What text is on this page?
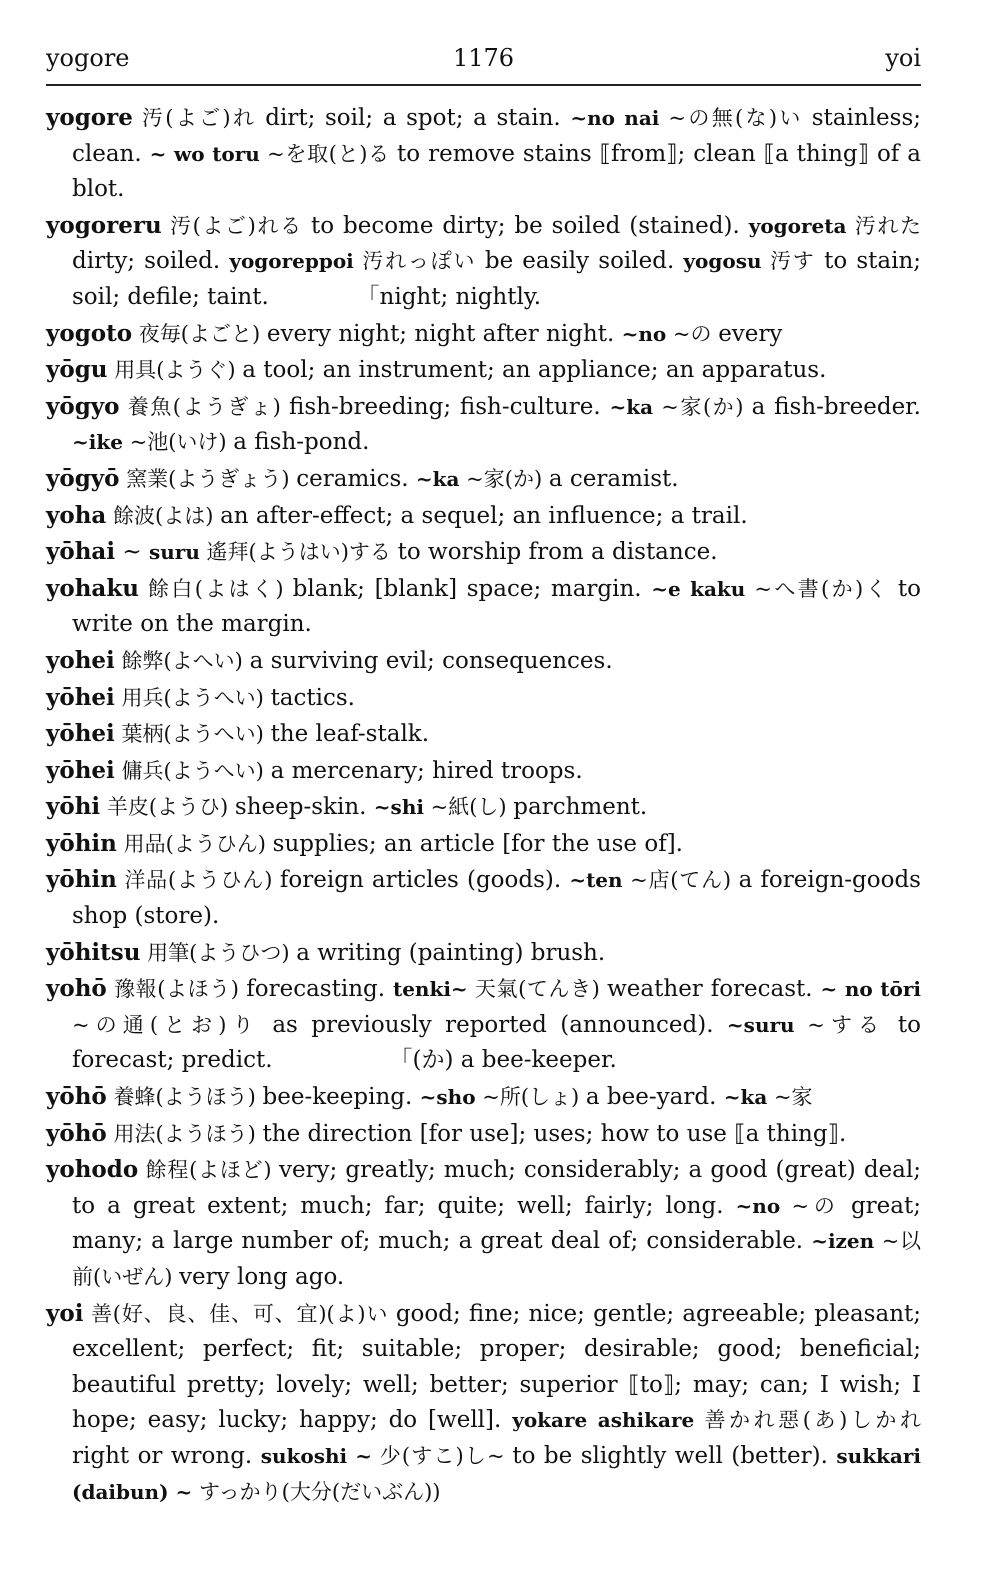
yogore	1176	yoi
yogore 汚(よご)れ dirt; soil; a spot; a stain. ~no nai ~の無(な)い stainless; clean. ~ wo toru ~を取(と)る to remove stains ⟦from⟧; clean ⟦a thing⟧ of a blot.
yogoreru 汚(よご)れる to become dirty; be soiled (stained). yogoreta 汚れた dirty; soiled. yogoreppoi 汚れっぽい be easily soiled. yogosu 汚す to stain; soil; defile; taint.            「night; nightly.
yogoto 夜毎(よごと) every night; night after night. ~no ~の every
yōgu 用具(ようぐ) a tool; an instrument; an appliance; an apparatus.
yōgyo 養魚(ようぎょ) fish-breeding; fish-culture. ~ka ~家(か) a fish-breeder. ~ike ~池(いけ) a fish-pond.
yōgyō 窯業(ようぎょう) ceramics. ~ka ~家(か) a ceramist.
yoha 餘波(よは) an after-effect; a sequel; an influence; a trail.
yōhai ~ suru 遙拜(ようはい)する to worship from a distance.
yohaku 餘白(よはく) blank; [blank] space; margin. ~e kaku ~へ書(か)く to write on the margin.
yohei 餘弊(よへい) a surviving evil; consequences.
yōhei 用兵(ようへい) tactics.
yōhei 葉柄(ようへい) the leaf-stalk.
yōhei 傭兵(ようへい) a mercenary; hired troops.
yōhi 羊皮(ようひ) sheep-skin. ~shi ~紙(し) parchment.
yōhin 用品(ようひん) supplies; an article [for the use of].
yōhin 洋品(ようひん) foreign articles (goods). ~ten ~店(てん) a foreign-goods shop (store).
yōhitsu 用筆(ようひつ) a writing (painting) brush.
yohō 豫報(よほう) forecasting. tenki~ 天氣(てんき) weather forecast. ~ no tōri ~の通(とお)り as previously reported (announced). ~suru ~する to forecast; predict.                「(か) a bee-keeper.
yōhō 養蜂(ようほう) bee-keeping. ~sho ~所(しょ) a bee-yard. ~ka ~家
yōhō 用法(ようほう) the direction [for use]; uses; how to use ⟦a thing⟧.
yohodo 餘程(よほど) very; greatly; much; considerably; a good (great) deal; to a great extent; much; far; quite; well; fairly; long. ~no ~の great; many; a large number of; much; a great deal of; considerable. ~izen ~以前(いぜん) very long ago.
yoi 善(好、良、佳、可、宜)(よ)い good; fine; nice; gentle; agreeable; pleasant; excellent; perfect; fit; suitable; proper; desirable; good; beneficial; beautiful pretty; lovely; well; better; superior ⟦to⟧; may; can; I wish; I hope; easy; lucky; happy; do [well]. yokare ashikare 善かれ惡(あ)しかれ right or wrong. sukoshi ~ 少(すこ)し~ to be slightly well (better). sukkari (daibun) ~ すっかり(大分(だいぶん))
